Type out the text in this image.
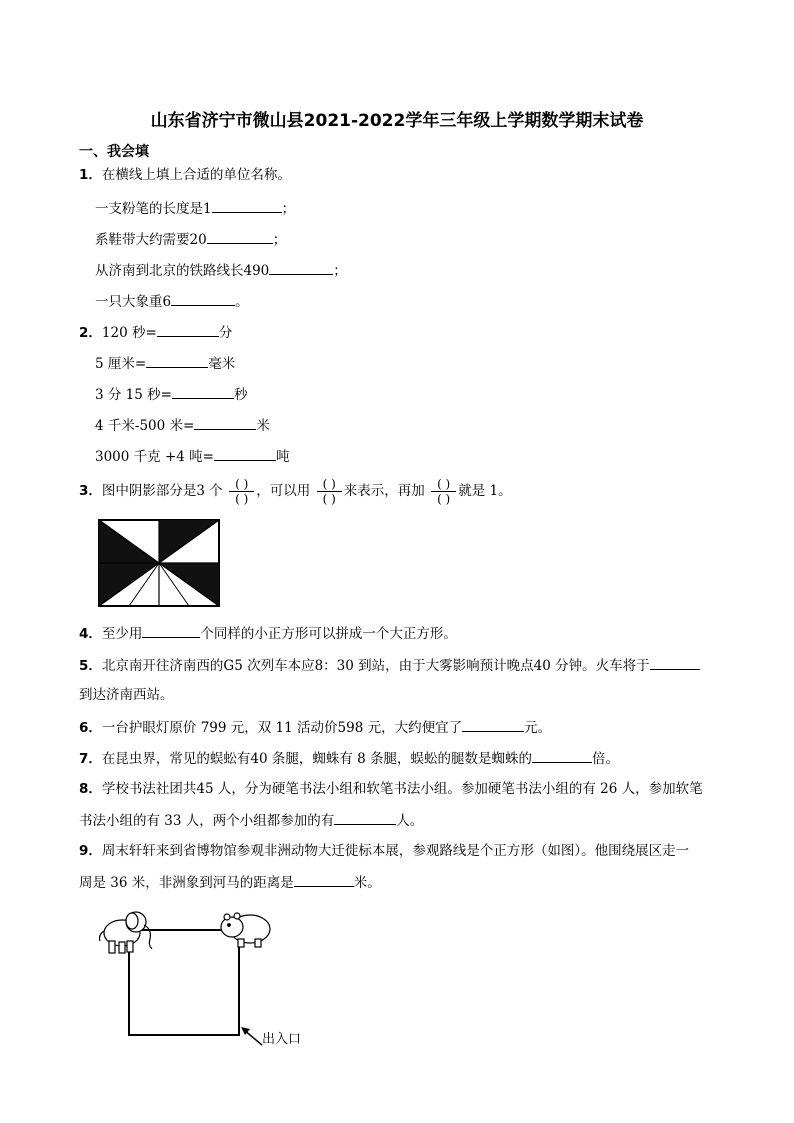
山东省济宁市微山县2021-2022学年三年级上学期数学期末试卷
一、我会填
1．在横线上填上合适的单位名称。
一支粉笔的长度是1	；
系鞋带大约需要20	；
从济南到北京的铁路线长490	；
一只大象重6	。
2．120 秒=	分
5 厘米=	毫米
3 分 15 秒=	秒
4 千米-500 米=	米
3000 千克 +4 吨=	吨
3．图中阴影部分是3 个 $\frac{( )}{( )}$ ，可以用 $\frac{( )}{( )}$ 来表示，再加 $\frac{( )}{( )}$ 就是 1。
4．至少用	个同样的小正方形可以拼成一个大正方形。
5．北京南开往济南西的G5 次列车本应8：30 到站，由于大雾影响预计晚点40 分钟。火车将于
到达济南西站。
6．一台护眼灯原价 799 元，双 11 活动价598 元，大约便宜了	元。
7．在昆虫界，常见的蜈蚣有40 条腿，蜘蛛有 8 条腿，蜈蚣的腿数是蜘蛛的	倍。
8．学校书法社团共45 人，分为硬笔书法小组和软笔书法小组。参加硬笔书法小组的有 26 人，参加软笔
书法小组的有 33 人，两个小组都参加的有	人。
9．周末轩轩来到省博物馆参观非洲动物大迁徙标本展，参观路线是个正方形（如图）。他围绕展区走一
周是 36 米，非洲象到河马的距离是	米。
出入口
